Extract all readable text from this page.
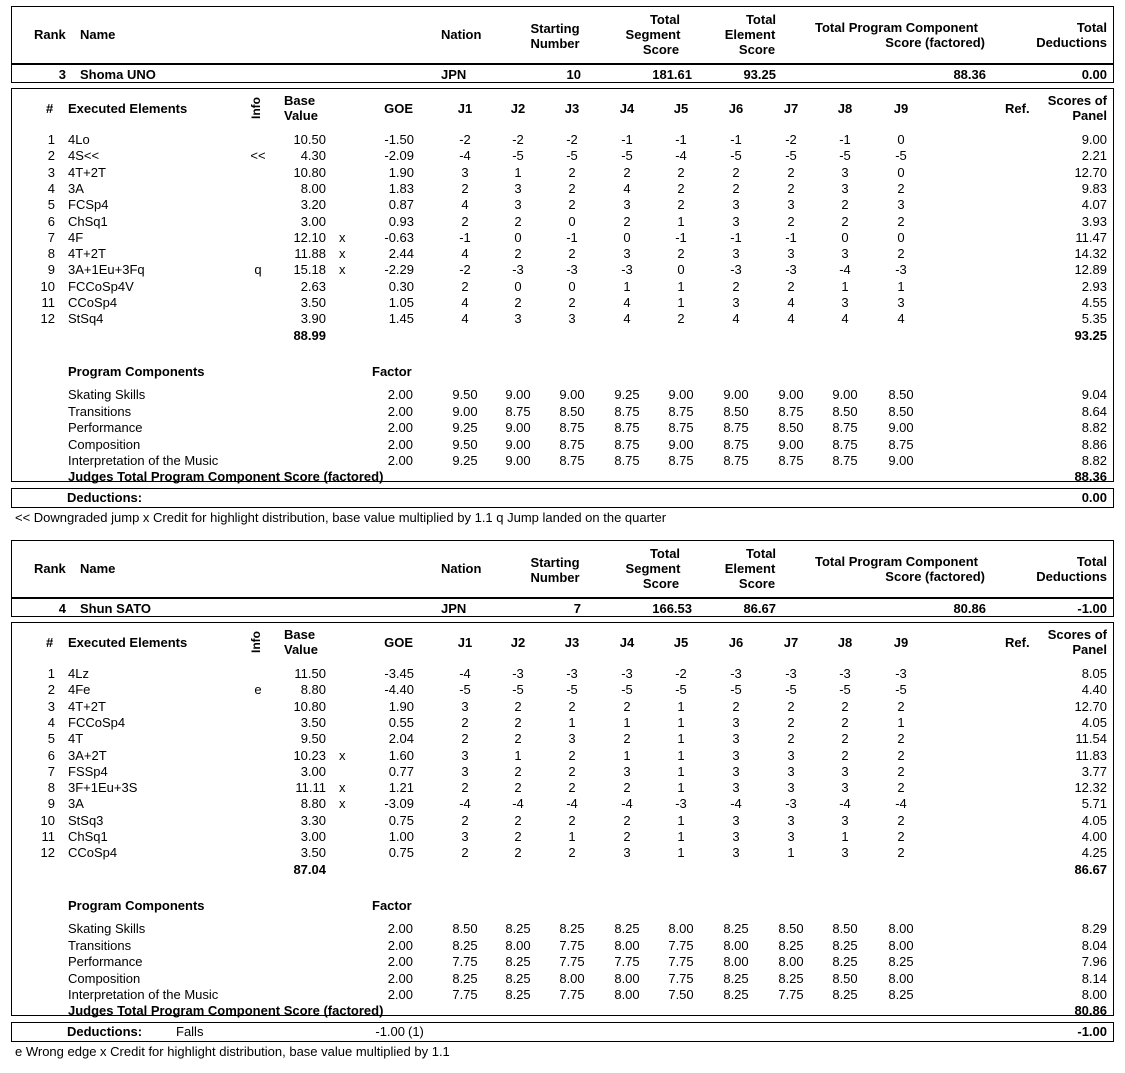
Rank Name	Nation	Starting
Number
Total
Segment
Score
Total
Element
Score
Total Program Component
Score (factored)
Total
Deductions
3 Shoma UNO	JPN	10	181.61	93.25	88.36	0.00
# Executed Elements	Info Base
Value	GOE	J1	J2	J3	J4	J5	J6	J7	J8	J9	Ref.
Scores of
Panel
1 4Lo	10.50	-1.50	-2	-2	-2	-1	-1	-1	-2	-1	0	9.00
2 4S<<	<<	4.30	-2.09	-4	-5	-5	-5	-4	-5	-5	-5	-5	2.21
3 4T+2T	10.80	1.90	3	1	2	2	2	2	2	3	0	12.70
4 3A	8.00	1.83	2	3	2	4	2	2	2	3	2	9.83
5 FCSp4	3.20	0.87	4	3	2	3	2	3	3	2	3	4.07
6 ChSq1	3.00	0.93	2	2	0	2	1	3	2	2	2	3.93
7 4F	12.10 x	-0.63	-1	0	-1	0	-1	-1	-1	0	0	11.47
8 4T+2T	11.88 x	2.44	4	2	2	3	2	3	3	3	2	14.32
9 3A+1Eu+3Fq	q	15.18 x	-2.29	-2	-3	-3	-3	0	-3	-3	-4	-3	12.89
10 FCCoSp4V	2.63	0.30	2	0	0	1	1	2	2	1	1	2.93
11 CCoSp4	3.50	1.05	4	2	2	4	1	3	4	3	3	4.55
12 StSq4	3.90	1.45	4	3	3	4	2	4	4	4	4	5.35
88.99	93.25
Program Components	Factor
Skating Skills	2.00	9.50	9.00	9.00	9.25	9.00	9.00	9.00	9.00	8.50	9.04
Transitions	2.00	9.00	8.75	8.50	8.75	8.75	8.50	8.75	8.50	8.50	8.64
Performance	2.00	9.25	9.00	8.75	8.75	8.75	8.75	8.50	8.75	9.00	8.82
Composition	2.00	9.50	9.00	8.75	8.75	9.00	8.75	9.00	8.75	8.75	8.86
Interpretation of the Music	2.00	9.25	9.00	8.75	8.75	8.75	8.75	8.75	8.75	9.00	8.82
Judges Total Program Component Score (factored)	88.36
Deductions:	0.00
<< Downgraded jump x Credit for highlight distribution, base value multiplied by 1.1 q Jump landed on the quarter
Rank Name	Nation	Starting
Number
Total
Segment
Score
Total
Element
Score
Total Program Component
Score (factored)
Total
Deductions
4 Shun SATO	JPN	7	166.53	86.67	80.86	-1.00
# Executed Elements	Info Base
Value	GOE	J1	J2	J3	J4	J5	J6	J7	J8	J9	Ref.
Scores of
Panel
1 4Lz	11.50	-3.45	-4	-3	-3	-3	-2	-3	-3	-3	-3	8.05
2 4Fe	e	8.80	-4.40	-5	-5	-5	-5	-5	-5	-5	-5	-5	4.40
3 4T+2T	10.80	1.90	3	2	2	2	1	2	2	2	2	12.70
4 FCCoSp4	3.50	0.55	2	2	1	1	1	3	2	2	1	4.05
5 4T	9.50	2.04	2	2	3	2	1	3	2	2	2	11.54
6 3A+2T	10.23 x	1.60	3	1	2	1	1	3	3	2	2	11.83
7 FSSp4	3.00	0.77	3	2	2	3	1	3	3	3	2	3.77
8 3F+1Eu+3S	11.11 x	1.21	2	2	2	2	1	3	3	3	2	12.32
9 3A	8.80 x	-3.09	-4	-4	-4	-4	-3	-4	-3	-4	-4	5.71
10 StSq3	3.30	0.75	2	2	2	2	1	3	3	3	2	4.05
11 ChSq1	3.00	1.00	3	2	1	2	1	3	3	1	2	4.00
12 CCoSp4	3.50	0.75	2	2	2	3	1	3	1	3	2	4.25
87.04	86.67
Program Components	Factor
Skating Skills	2.00	8.50	8.25	8.25	8.25	8.00	8.25	8.50	8.50	8.00	8.29
Transitions	2.00	8.25	8.00	7.75	8.00	7.75	8.00	8.25	8.25	8.00	8.04
Performance	2.00	7.75	8.25	7.75	7.75	7.75	8.00	8.00	8.25	8.25	7.96
Composition	2.00	8.25	8.25	8.00	8.00	7.75	8.25	8.25	8.50	8.00	8.14
Interpretation of the Music	2.00	7.75	8.25	7.75	8.00	7.50	8.25	7.75	8.25	8.25	8.00
Judges Total Program Component Score (factored)	80.86
Deductions:	Falls	-1.00 (1)	-1.00
e Wrong edge x Credit for highlight distribution, base value multiplied by 1.1
